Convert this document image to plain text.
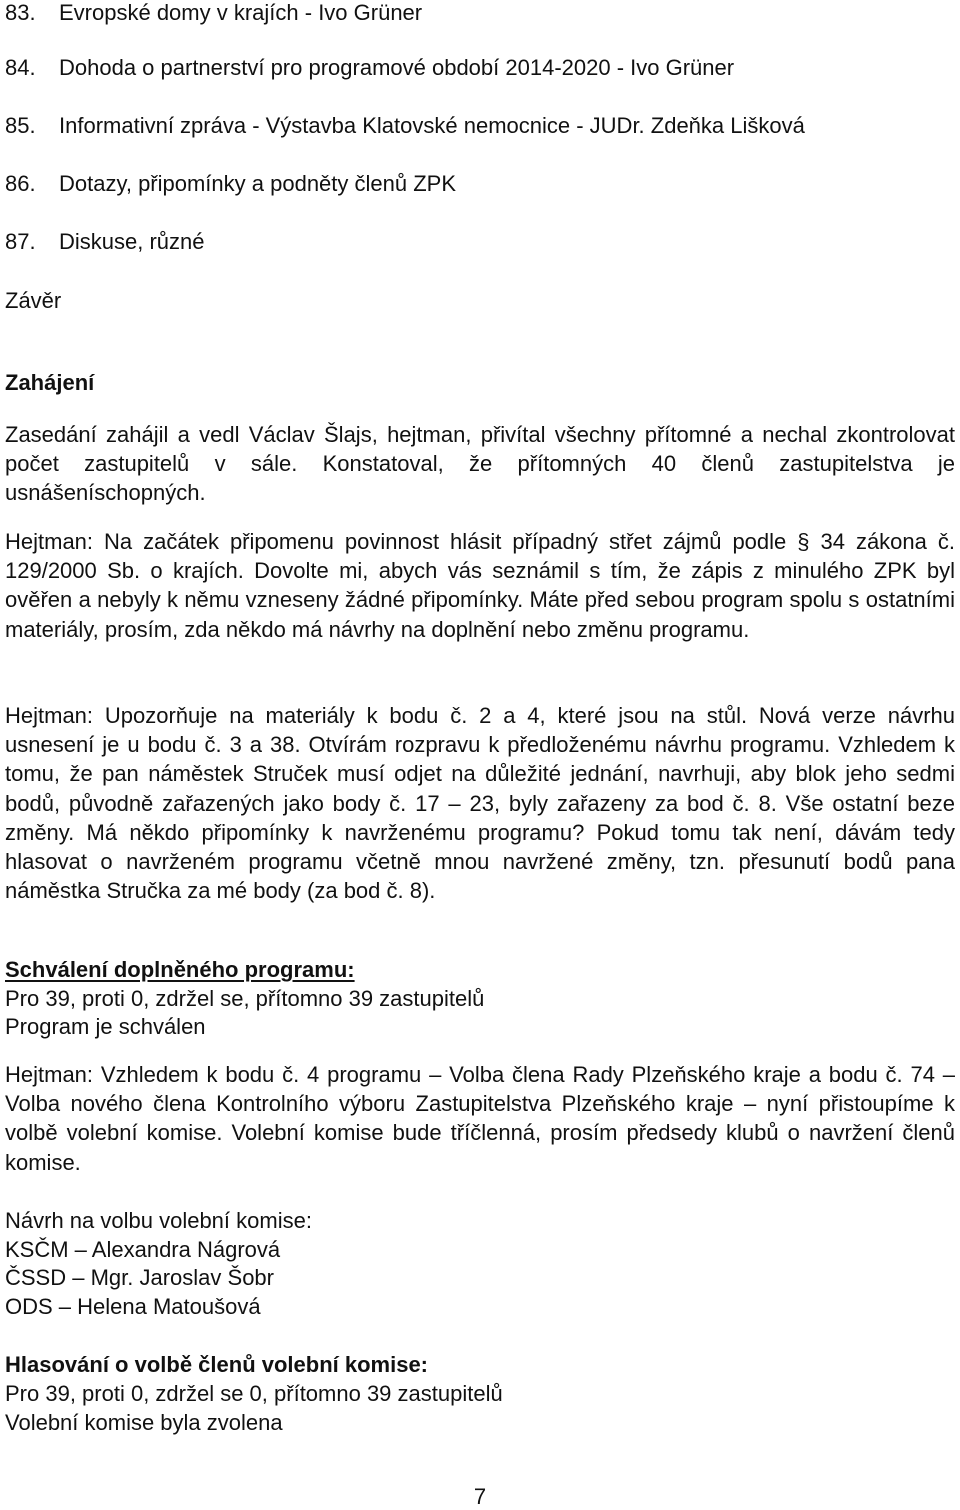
83. Evropské domy v krajích - Ivo Grüner
84. Dohoda o partnerství pro programové období 2014-2020 - Ivo Grüner
85. Informativní zpráva - Výstavba Klatovské nemocnice - JUDr. Zdeňka Lišková
86. Dotazy, připomínky a podněty členů ZPK
87. Diskuse, různé
Závěr
Zahájení
Zasedání zahájil a vedl Václav Šlajs, hejtman, přivítal všechny přítomné a nechal zkontrolovat počet zastupitelů v sále. Konstatoval, že přítomných 40 členů zastupitelstva je usnášeníschopných.
Hejtman: Na začátek připomenu povinnost hlásit případný střet zájmů podle § 34 zákona č. 129/2000 Sb. o krajích. Dovolte mi, abych vás seznámil s tím, že zápis z minulého ZPK byl ověřen a nebyly k němu vzneseny žádné připomínky. Máte před sebou program spolu s ostatními materiály, prosím, zda někdo má návrhy na doplnění nebo změnu programu.
Hejtman: Upozorňuje na materiály k bodu č. 2 a 4, které jsou na stůl. Nová verze návrhu usnesení je u bodu č. 3 a 38. Otvírám rozpravu k předloženému návrhu programu. Vzhledem k tomu, že pan náměstek Struček musí odjet na důležité jednání, navrhuji, aby blok jeho sedmi bodů, původně zařazených jako body č. 17 – 23, byly zařazeny za bod č. 8. Vše ostatní beze změny. Má někdo připomínky k navrženému programu? Pokud tomu tak není, dávám tedy hlasovat o navrženém programu včetně mnou navržené změny, tzn. přesunutí bodů pana náměstka Stručka za mé body (za bod č. 8).
Schválení doplněného programu:
Pro 39, proti 0, zdržel se, přítomno 39 zastupitelů
Program je schválen
Hejtman: Vzhledem k bodu č. 4 programu – Volba člena Rady Plzeňského kraje a bodu č. 74 – Volba nového člena Kontrolního výboru Zastupitelstva Plzeňského kraje – nyní přistoupíme k volbě volební komise. Volební komise bude tříčlenná, prosím předsedy klubů o navržení členů komise.
Návrh na volbu volební komise:
KSČM – Alexandra Nágrová
ČSSD – Mgr. Jaroslav Šobr
ODS – Helena Matoušová
Hlasování o volbě členů volební komise:
Pro 39, proti 0, zdržel se 0, přítomno 39 zastupitelů
Volební komise byla zvolena
7
